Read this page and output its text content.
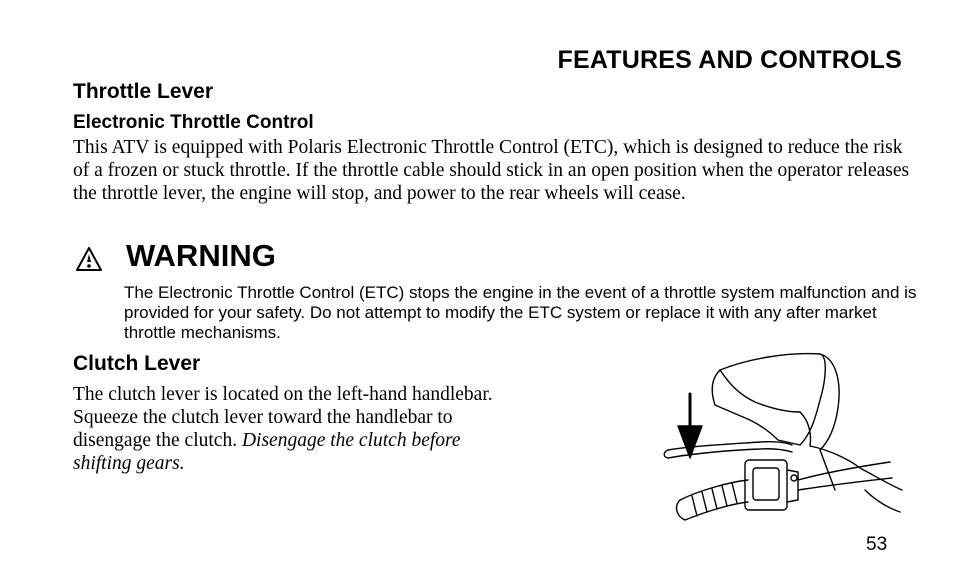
FEATURES AND CONTROLS
Throttle Lever
Electronic Throttle Control
This ATV is equipped with Polaris Electronic Throttle Control (ETC), which is designed to reduce the risk of a frozen or stuck throttle. If the throttle cable should stick in an open position when the operator releases the throttle lever, the engine will stop, and power to the rear wheels will cease.
WARNING
The Electronic Throttle Control (ETC) stops the engine in the event of a throttle system malfunction and is provided for your safety. Do not attempt to modify the ETC system or replace it with any after market throttle mechanisms.
Clutch Lever
The clutch lever is located on the left-hand handlebar.
Squeeze the clutch lever toward the handlebar to
disengage the clutch. Disengage the clutch before
shifting gears.
53
